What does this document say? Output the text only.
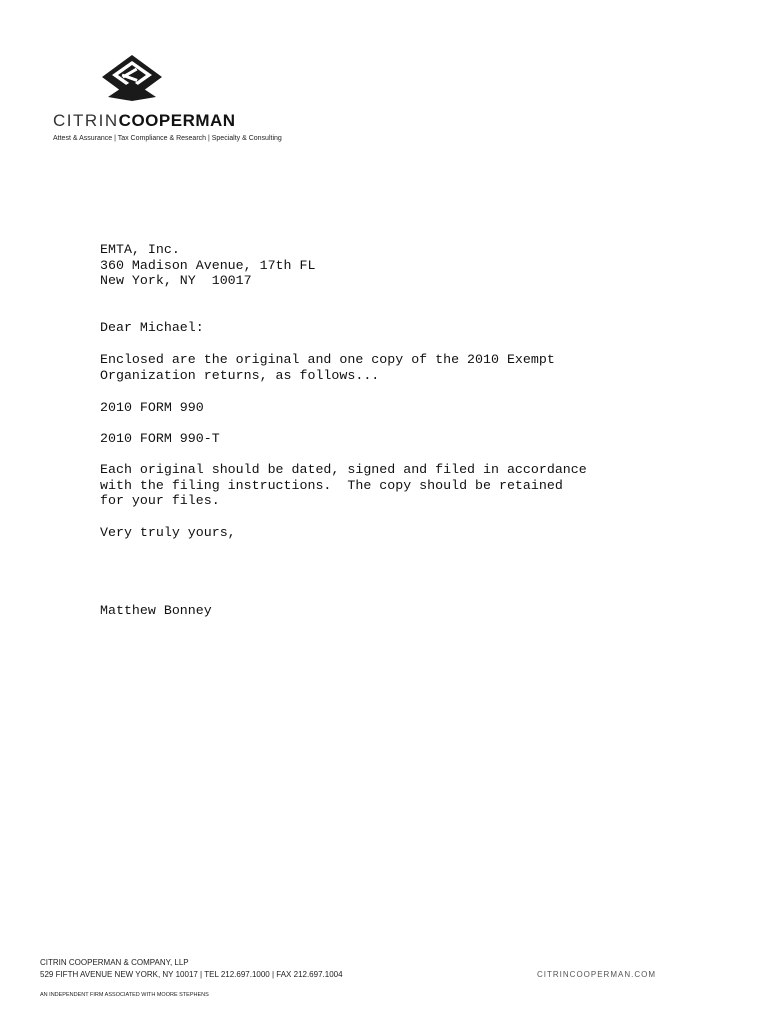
CITRINCOOPERMAN
Attest & Assurance | Tax Compliance & Research | Specialty & Consulting
EMTA, Inc.
360 Madison Avenue, 17th FL
New York, NY  10017
Dear Michael:
Enclosed are the original and one copy of the 2010 Exempt
Organization returns, as follows...
2010 FORM 990
2010 FORM 990-T
Each original should be dated, signed and filed in accordance
with the filing instructions.  The copy should be retained
for your files.
Very truly yours,
Matthew Bonney
CITRIN COOPERMAN & COMPANY, LLP
529 FIFTH AVENUE NEW YORK, NY 10017 | TEL 212.697.1000 | FAX 212.697.1004
AN INDEPENDENT FIRM ASSOCIATED WITH MOORE STEPHENS
CITRINCOOPERMAN.COM
